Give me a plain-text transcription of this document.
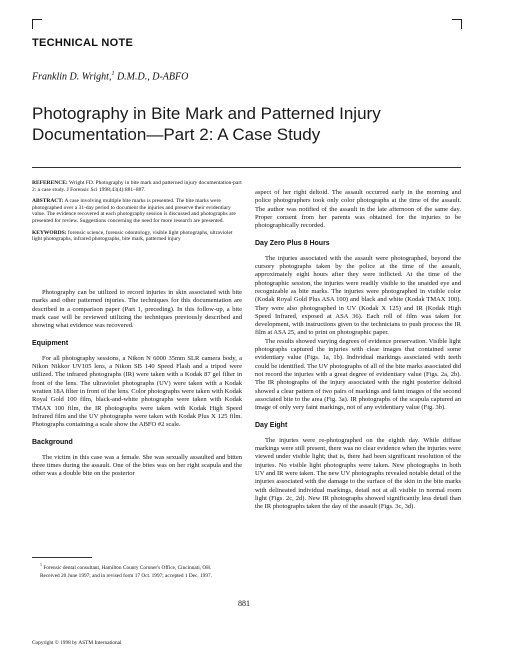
TECHNICAL NOTE
Franklin D. Wright,$^1$ D.M.D., D-ABFO
Photography in Bite Mark and Patterned Injury Documentation—Part 2: A Case Study

REFERENCE: Wright FD. Photography in bite mark and patterned injury documentation-part 2: a case study. J Forensic Sci 1998;43(4):881–887.

ABSTRACT: A case involving multiple bite marks is presented. The bite marks were photographed over a 31-day period to document the injuries and preserve their evidentiary value. The evidence recovered at each photography session is discussed and photographs are presented for review. Suggestions concerning the need for more research are presented.

KEYWORDS: forensic science, forensic odontology, visible light photographs, ultraviolet light photographs, infrared photographs, bite mark, patterned injury

Photography can be utilized to record injuries in skin associated with bite marks and other patterned injuries. The techniques for this documentation are described in a comparison paper (Part 1, preceding). In this follow-up, a bite mark case will be reviewed utilizing the techniques previously described and showing what evidence was recovered.

Equipment

For all photography sessions, a Nikon N 6000 35mm SLR camera body, a Nikon Nikkor UV105 lens, a Nikon SB 140 Speed Flash and a tripod were utilized. The infrared photographs (IR) were taken with a Kodak 87 gel filter in front of the lens. The ultraviolet photographs (UV) were taken with a Kodak wratten 18A filter in front of the lens. Color photographs were taken with Kodak Royal Gold 100 film, black-and-white photographs were taken with Kodak TMAX 100 film, the IR photographs were taken with Kodak High Speed Infrared film and the UV photographs were taken with Kodak Plus X 125 film. Photographs containing a scale show the ABFO #2 scale.

Background

The victim in this case was a female. She was sexually assaulted and bitten three times during the assault. One of the bites was on her right scapula and the other was a double bite on the posterior

aspect of her right deltoid. The assault occurred early in the morning and police photographers took only color photographs at the time of the assault. The author was notified of the assault in the late afternoon of the same day. Proper consent from her parents was obtained for the injuries to be photographically recorded.

Day Zero Plus 8 Hours

The injuries associated with the assault were photographed, beyond the cursory photographs taken by the police at the time of the assault, approximately eight hours after they were inflicted. At the time of the photographic session, the injuries were readily visible to the unaided eye and recognizable as bite marks. The injuries were photographed in visible color (Kodak Royal Gold Plus ASA 100) and black and white (Kodak TMAX 100). They were also photographed in UV (Kodak X 125) and IR (Kodak High Speed Infrared, exposed at ASA 36). Each roll of film was taken for development, with instructions given to the technicians to push process the IR film at ASA 25, and to print on photographic paper.

The results showed varying degrees of evidence preservation. Visible light photographs captured the injuries with clear images that contained some evidentiary value (Figs. 1a, 1b). Individual markings associated with teeth could be identified. The UV photographs of all of the bite marks associated did not record the injuries with a great degree of evidentiary value (Figs. 2a, 2b). The IR photographs of the injury associated with the right posterior deltoid showed a clear pattern of two pairs of markings and faint images of the second associated bite to the area (Fig. 3a). IR photographs of the scapula captured an image of only very faint markings, not of any evidentiary value (Fig. 3b).

Day Eight

The injuries were re-photographed on the eighth day. While diffuse markings were still present, there was no clear evidence when the injuries were viewed under visible light; that is, there had been significant resolution of the injuries. No visible light photographs were taken. New photographs in both UV and IR were taken. The new UV photographs revealed notable detail of the injuries associated with the damage to the surface of the skin in the bite marks with delineated individual markings, detail not at all visible in normal room light (Figs. 2c, 2d). New IR photographs showed significantly less detail than the IR photographs taken the day of the assault (Figs. 3c, 3d).

$^1$ Forensic dental consultant, Hamilton County Coroner's Office, Cincinnati, OH.

Received 20 June 1997; and in revised form 17 Oct. 1997; accepted 1 Dec. 1997.

881
Copyright © 1998 by ASTM International
